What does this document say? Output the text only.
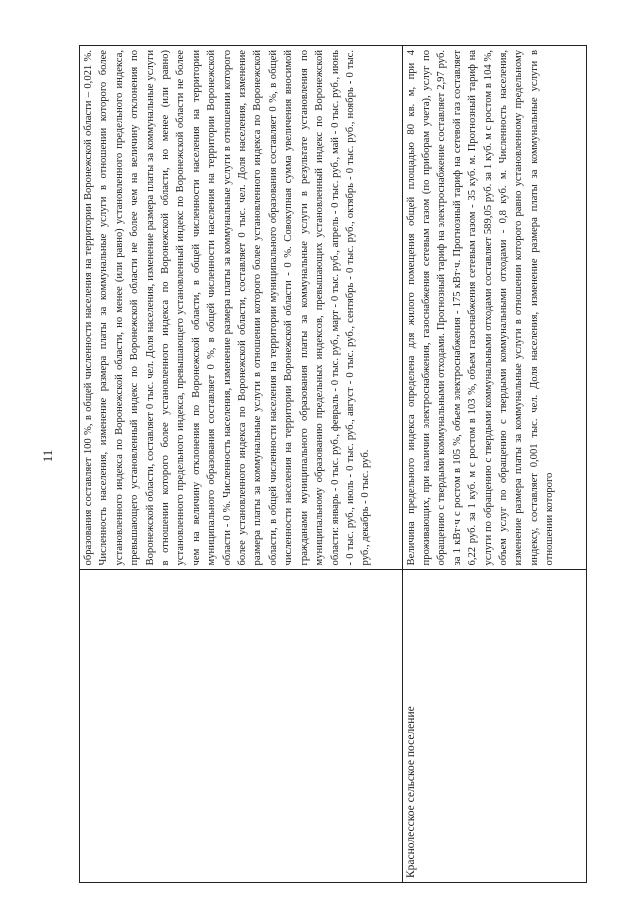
11

	образования составляет 100 %, в общей численности населения на территории Воронежской области – 0,021 %. Численность населения, изменение размера платы за коммунальные услуги в отношении которого более установленного индекса по Воронежской области, но менее (или равно) установленного предельного индекса, превышающего установленный индекс по Воронежской области не более чем на величину отклонения по Воронежской области, составляет 0 тыс. чел. Доля населения, изменение размера платы за коммунальные услуги в отношении которого более установленного индекса по Воронежской области, но менее (или равно) установленного предельного индекса, превышающего установленный индекс по Воронежской области не более чем на величину отклонения по Воронежской области, в общей численности населения на территории муниципального образования составляет 0 %, в общей численности населения на территории Воронежской области - 0 %. Численность населения, изменение размера платы за коммунальные услуги в отношении которого более установленного индекса по Воронежской области, составляет 0 тыс. чел. Доля населения, изменение размера платы за коммунальные услуги в отношении которого более установленного индекса по Воронежской области, в общей численности населения на территории муниципального образования составляет 0 %, в общей численности населения на территории Воронежской области - 0 %. Совокупная сумма увеличения вносимой гражданами муниципального образования платы за коммунальные услуги в результате установления по муниципальному образованию предельных индексов, превышающих установленный индекс по Воронежской области: январь - 0 тыс. руб., февраль - 0 тыс. руб., март - 0 тыс. руб., апрель - 0 тыс. руб., май - 0 тыс. руб., июнь - 0 тыс. руб., июль - 0 тыс. руб., август - 0 тыс. руб., сентябрь - 0 тыс. руб., октябрь - 0 тыс. руб., ноябрь - 0 тыс. руб., декабрь - 0 тыс. руб.

Краснолесское сельское поселение	Величина предельного индекса определена для жилого помещения общей площадью 80 кв. м, при 4 проживающих, при наличии электроснабжения, газоснабжения сетевым газом (по приборам учета), услуг по обращению с твердыми коммунальными отходами. Прогнозный тариф на электроснабжение составляет 2,97 руб. за 1 кВт·ч с ростом в 105 %, объем электроснабжения - 175 кВт·ч. Прогнозный тариф на сетевой газ составляет 6,22 руб. за 1 куб. м с ростом в 103 %, объем газоснабжения сетевым газом - 35 куб. м. Прогнозный тариф на услуги по обращению с твердыми коммунальными отходами составляет 589,05 руб. за 1 куб. м с ростом в 104 %, объем услуг по обращению с твердыми коммунальными отходами - 0,8 куб. м. Численность населения, изменение размера платы за коммунальные услуги в отношении которого равно установленному предельному индексу, составляет 0,001 тыс. чел. Доля населения, изменение размера платы за коммунальные услуги в отношении которого
